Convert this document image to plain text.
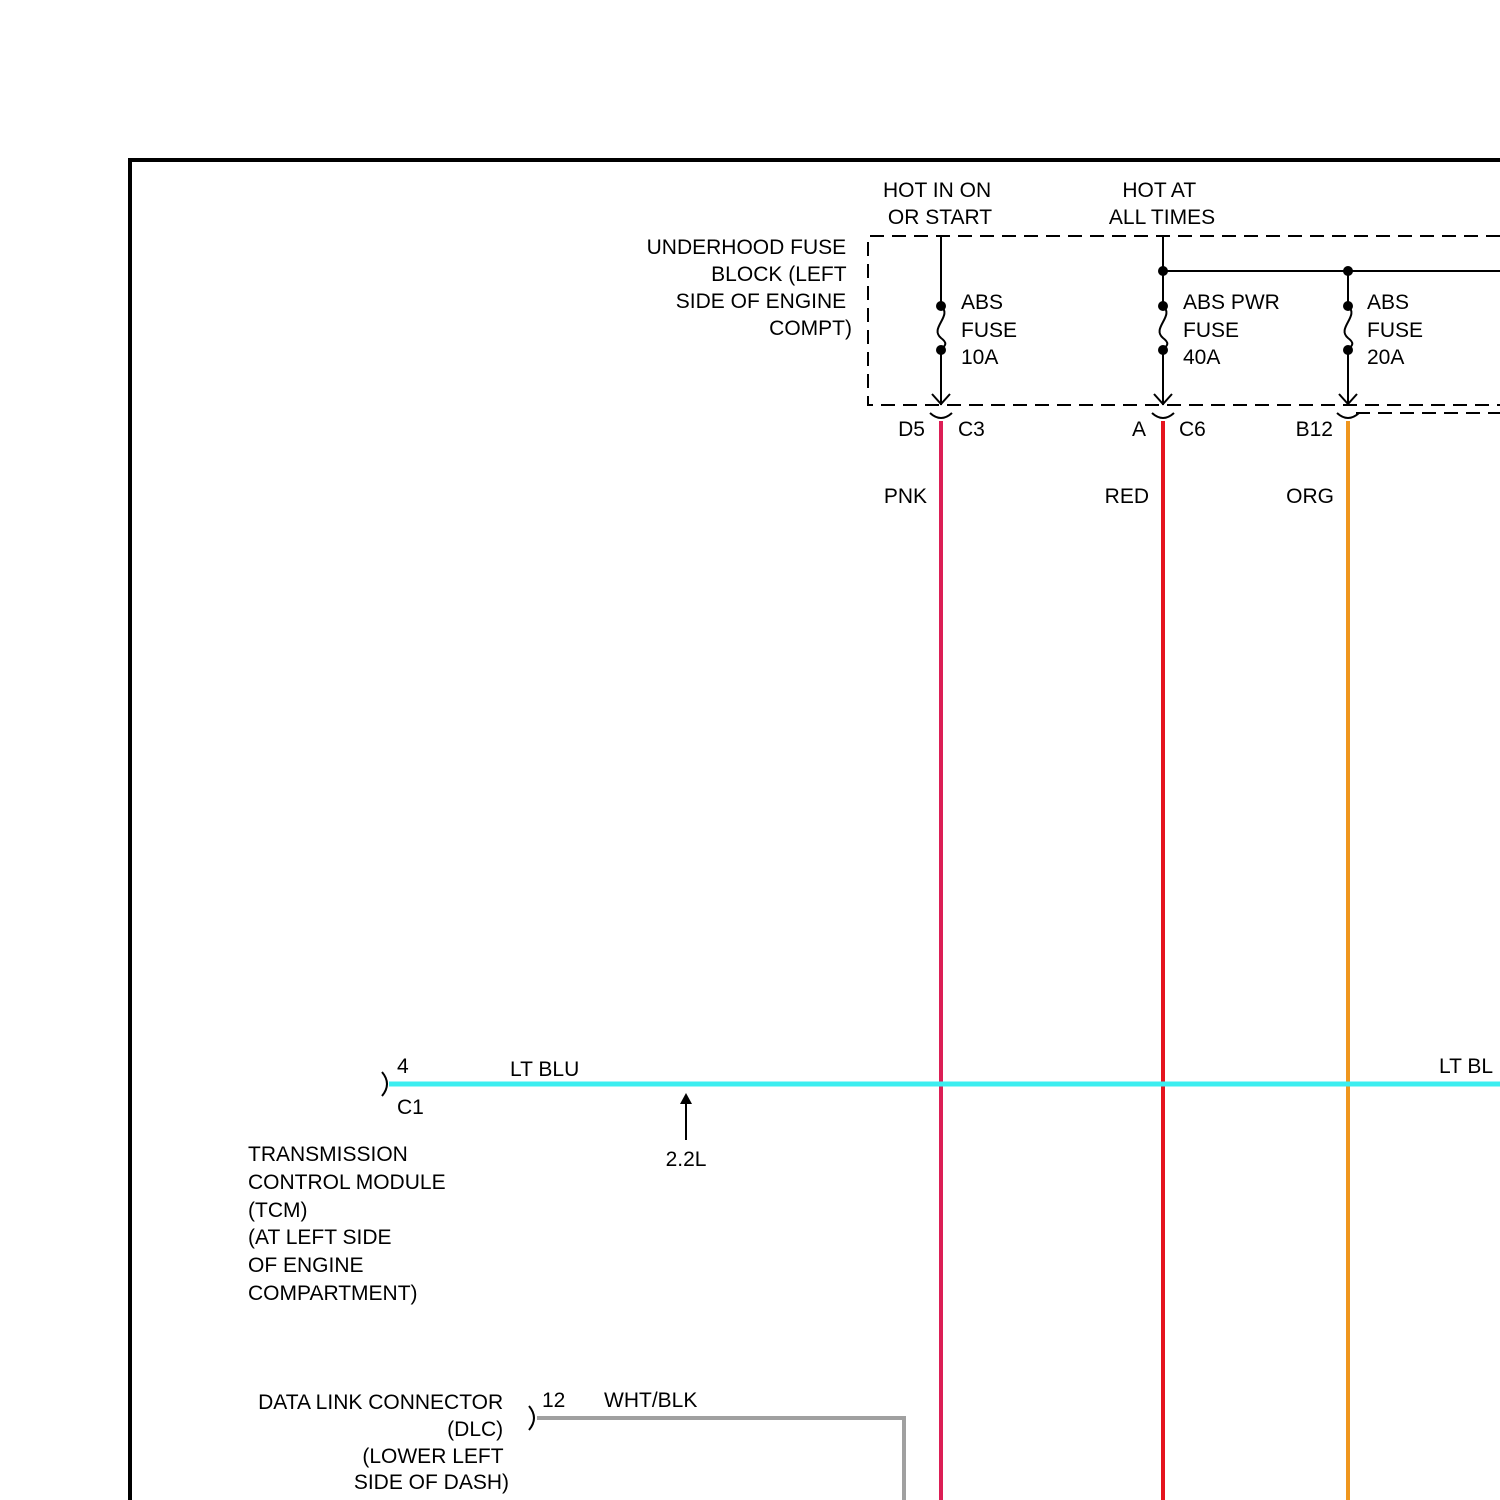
UNDERHOOD FUSE BLOCK (LEFT SIDE OF ENGINE COMPT)
HOT IN ON OR START
HOT AT ALL TIMES
ABS FUSE 10A
D5 C3
ABS PWR FUSE 40A
A C6
ABS FUSE 20A
B12
12 WHT/BLK
DATA LINK CONNECTOR (DLC) (LOWER LEFT SIDE OF DASH)
PNK	RED	ORG
4
C1
LT BLU	LT BL
2.2L
TRANSMISSION CONTROL MODULE (TCM) (AT LEFT SIDE OF ENGINE COMPARTMENT)
